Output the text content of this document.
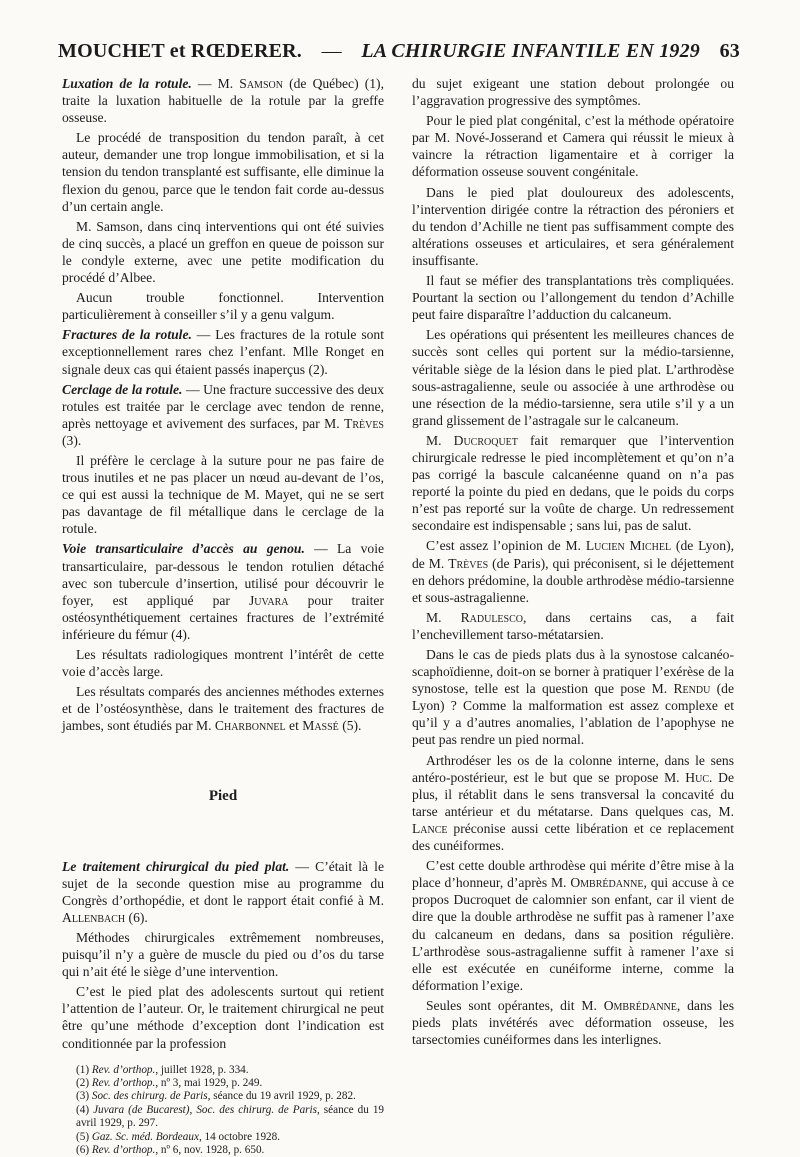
MOUCHET et RŒDERER. — LA CHIRURGIE INFANTILE EN 1929 63

Luxation de la rotule. — M. Samson (de Québec) (1), traite la luxation habituelle de la rotule par la greffe osseuse.

Le procédé de transposition du tendon paraît, à cet auteur, demander une trop longue immobilisation, et si la tension du tendon transplanté est suffisante, elle diminue la flexion du genou, parce que le tendon fait corde au-dessus d’un certain angle.

M. Samson, dans cinq interventions qui ont été suivies de cinq succès, a placé un greffon en queue de poisson sur le condyle externe, avec une petite modification du procédé d’Albee.

Aucun trouble fonctionnel. Intervention particulièrement à conseiller s’il y a genu valgum.

Fractures de la rotule. — Les fractures de la rotule sont exceptionnellement rares chez l’enfant. Mlle Ronget en signale deux cas qui étaient passés inaperçus (2).

Cerclage de la rotule. — Une fracture successive des deux rotules est traitée par le cerclage avec tendon de renne, après nettoyage et avivement des surfaces, par M. Trèves (3).

Il préfère le cerclage à la suture pour ne pas faire de trous inutiles et ne pas placer un nœud au-devant de l’os, ce qui est aussi la technique de M. Mayet, qui ne se sert pas davantage de fil métallique dans le cerclage de la rotule.

Voie transarticulaire d’accès au genou. — La voie transarticulaire, par-dessous le tendon rotulien détaché avec son tubercule d’insertion, utilisé pour découvrir le foyer, est appliqué par Juvara pour traiter ostéosynthétiquement certaines fractures de l’extrémité inférieure du fémur (4).

Les résultats radiologiques montrent l’intérêt de cette voie d’accès large.

Les résultats comparés des anciennes méthodes externes et de l’ostéosynthèse, dans le traitement des fractures de jambes, sont étudiés par M. Charbonnel et Massé (5).

Pied

Le traitement chirurgical du pied plat. — C’était là le sujet de la seconde question mise au programme du Congrès d’orthopédie, et dont le rapport était confié à M. Allenbach (6).

Méthodes chirurgicales extrêmement nombreuses, puisqu’il n’y a guère de muscle du pied ou d’os du tarse qui n’ait été le siège d’une intervention.

C’est le pied plat des adolescents surtout qui retient l’attention de l’auteur. Or, le traitement chirurgical ne peut être qu’une méthode d’exception dont l’indication est conditionnée par la profession

(1) Rev. d’orthop., juillet 1928, p. 334.
(2) Rev. d’orthop., nº 3, mai 1929, p. 249.
(3) Soc. des chirurg. de Paris, séance du 19 avril 1929, p. 282.
(4) Juvara (de Bucarest), Soc. des chirurg. de Paris, séance du 19 avril 1929, p. 297.
(5) Gaz. Sc. méd. Bordeaux, 14 octobre 1928.
(6) Rev. d’orthop., nº 6, nov. 1928, p. 650.

du sujet exigeant une station debout prolongée ou l’aggravation progressive des symptômes.

Pour le pied plat congénital, c’est la méthode opératoire par M. Nové-Josserand et Camera qui réussit le mieux à vaincre la rétraction ligamentaire et à corriger la déformation osseuse souvent congénitale.

Dans le pied plat douloureux des adolescents, l’intervention dirigée contre la rétraction des péroniers et du tendon d’Achille ne tient pas suffisamment compte des altérations osseuses et articulaires, et sera généralement insuffisante.

Il faut se méfier des transplantations très compliquées. Pourtant la section ou l’allongement du tendon d’Achille peut faire disparaître l’adduction du calcaneum.

Les opérations qui présentent les meilleures chances de succès sont celles qui portent sur la médio-tarsienne, véritable siège de la lésion dans le pied plat. L’arthrodèse sous-astragalienne, seule ou associée à une arthrodèse ou une résection de la médio-tarsienne, sera utile s’il y a un grand glissement de l’astragale sur le calcaneum.

M. Ducroquet fait remarquer que l’intervention chirurgicale redresse le pied incomplètement et qu’on n’a pas corrigé la bascule calcanéenne quand on n’a pas reporté la pointe du pied en dedans, que le poids du corps n’est pas reporté sur la voûte de charge. Un redressement secondaire est indispensable ; sans lui, pas de salut.

C’est assez l’opinion de M. Lucien Michel (de Lyon), de M. Trèves (de Paris), qui préconisent, si le déjettement en dehors prédomine, la double arthrodèse médio-tarsienne et sous-astragalienne.

M. Radulesco, dans certains cas, a fait l’enchevillement tarso-métatarsien.

Dans le cas de pieds plats dus à la synostose calcanéo-scaphoïdienne, doit-on se borner à pratiquer l’exérèse de la synostose, telle est la question que pose M. Rendu (de Lyon) ? Comme la malformation est assez complexe et qu’il y a d’autres anomalies, l’ablation de l’apophyse ne peut pas rendre un pied normal.

Arthrodéser les os de la colonne interne, dans le sens antéro-postérieur, est le but que se propose M. Huc. De plus, il rétablit dans le sens transversal la concavité du tarse antérieur et du métatarse. Dans quelques cas, M. Lance préconise aussi cette libération et ce replacement des cunéiformes.

C’est cette double arthrodèse qui mérite d’être mise à la place d’honneur, d’après M. Ombrédanne, qui accuse à ce propos Ducroquet de calomnier son enfant, car il vient de dire que la double arthrodèse ne suffit pas à ramener l’axe du calcaneum en dedans, dans sa position régulière. L’arthrodèse sous-astragalienne suffit à ramener l’axe si elle est exécutée en cunéiforme interne, comme la déformation l’exige.

Seules sont opérantes, dit M. Ombrédanne, dans les pieds plats invétérés avec déformation osseuse, les tarsectomies cunéiformes dans les interlignes.
